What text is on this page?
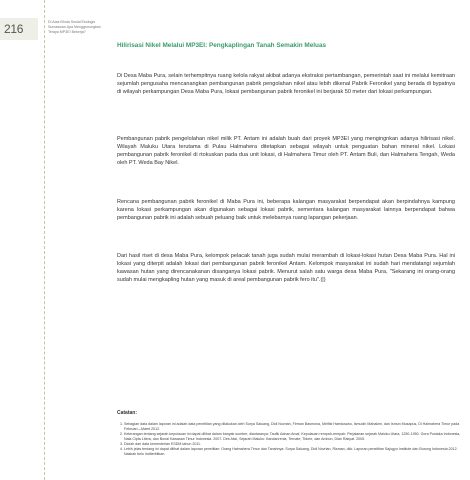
216	Di Atas Bhuta Sosial Ekologis Sumaswan Apa Menggunungkan Teraya MP3EI Bekerja?
Hilirisasi Nikel Melalui MP3EI: Pengkaplingan Tanah Semakin Meluas

Di Desa Maba Pura, selain terhempitnya ruang kelola rakyat akibat adanya ekstraksi pertambangan, pemerintah saat ini melalui kemitraan sejumlah pengusaha mencanangkan pembangunan pabrik pengolahan nikel atau lebih dikenal Pabrik Feronikel yang berada di bypatnya di wilayah perkampungan Desa Maba Pura, lokasi pembangunan pabrik feronikel ini berjarak 50 meter dari lokasi perkampungan.

Pembangunan pabrik pengelolahan nikel milik PT. Antam ini adalah buah dari proyek MP3EI yang mengingnkan adanya hilirisasi nikel. Wilayah Maluku Utara terutama di Pulau Halmahera ditetapkan sebagai wilayah untuk penguatan bahan mineral nikel. Lokasi pembangunan pabrik feronikel di rtokuskan pada dua unit lokasi, di Halmahera Timur oleh PT. Antam Buli, dan Halmahera Tengah, Weda oleh PT. Weda Bay Nikel.

Rencana pembangunan pabrik feronikel di Maba Pura ini, beberapa kalangan masyarakat berpendapat akan berpindahnya kampung karena lokasi perkampungan akan digunakan sebagai lokasi pabrik, sementara kalangan masyarakat lainnya berpendapat bahwa pembangunan pabrik ini adalah sebuah peluang baik untuk melebarnya ruang lapangan pekerjaan.

Dari hasil riset di desa Maba Pura, kelompok pelacak tanah juga sudah mulai merambah di lokasi-lokasi hutan Desa Maba Pura. Hal ini lokasi yang diterpit adalah lokasi dari pembangunan pabrik feronikel Antam. Kelompok masyarakat ini sudah hari mendatangi sejumlah kawasan hutan yang direncanakanan disanganya lokasi pabrik. Menurut salah satu warga desa Maba Pura, "Sekarang ini orang-orang sudah mulai mengkapling hutan yang masuk di areal pembangunan pabrik fero itu".(|)

Catatan:

1. Sebagian data dalam laporan ini adalah data penelitian yang dilakukan oleh Surya Saluang, Didi Novrian, Firman Basmona, Melfist Haedusano, Ismudin Mahakim, dan Ismun Musapus, Di Halmahera Timur pada Februari—Maret 2012.
2. Keterangan tentang sejarah kepulauan ini dapat dilihat dalam banyak sumber, diantaranya: Taufik Adnan Amal, Kepulauan rempah-rempah: Perjalanan sejarah Maluku Utara, 1250-1950. Gora Pustaka Indonesia, Nala Cipta Litera, dan Bonai Kawasan Timur Indonesia. 2007. Des Alwi, Sejarah Maluku: Kandanrenia, Ternate, Tidore, dan Ambon, Dian Rakyat. 2005.
3. Diolah dari data kementerian ESDM tahun 2011.
4. Lebih jelas tentang ini dapat dilihat dalam laporan penelitian: Orang Halmahera Timur dan Tanahnya. Surya Saluang, Didi Novrian, Risman, dkk. Laporan penelitian Sajogyo Institute dan Burung Indonesia.2012. Naskah belu inditerbitkan.
